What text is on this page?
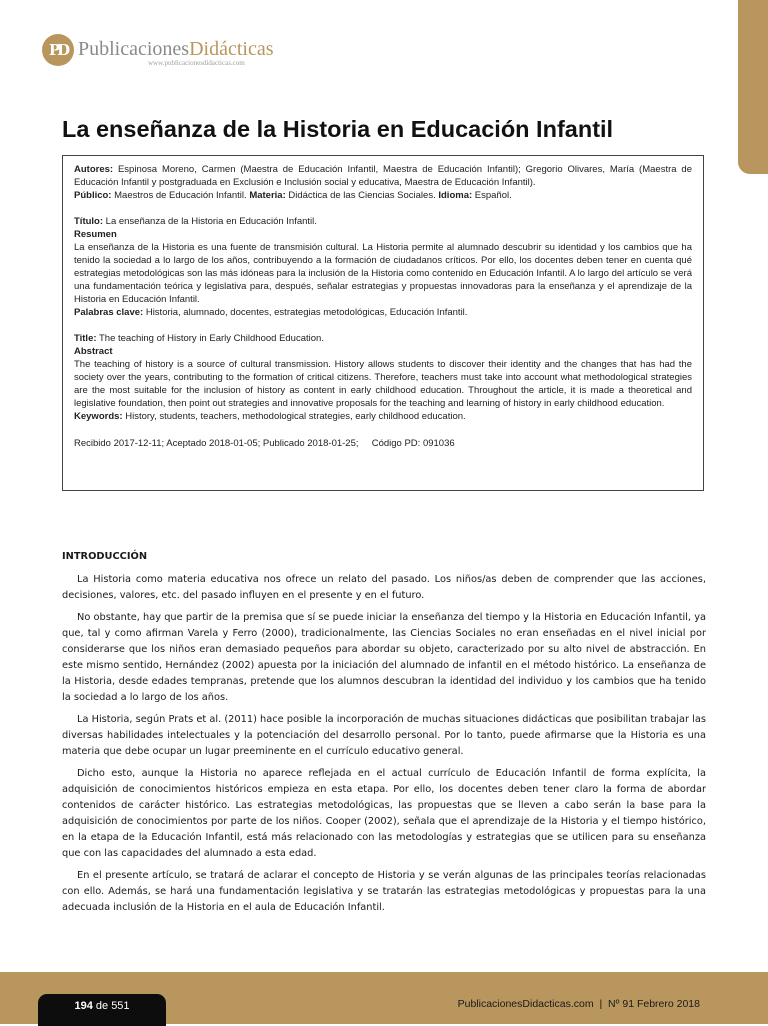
PD PublicacionesDidácticas
www.publicacionesdidacticas.com
La enseñanza de la Historia en Educación Infantil

Autores: Espinosa Moreno, Carmen (Maestra de Educación Infantil, Maestra de Educación Infantil); Gregorio Olivares, María (Maestra de Educación Infantil y postgraduada en Exclusión e Inclusión social y educativa, Maestra de Educación Infantil).

Público: Maestros de Educación Infantil. Materia: Didáctica de las Ciencias Sociales. Idioma: Español.

Título: La enseñanza de la Historia en Educación Infantil.

Resumen

La enseñanza de la Historia es una fuente de transmisión cultural. La Historia permite al alumnado descubrir su identidad y los cambios que ha tenido la sociedad a lo largo de los años, contribuyendo a la formación de ciudadanos críticos. Por ello, los docentes deben tener en cuenta qué estrategias metodológicas son las más idóneas para la inclusión de la Historia como contenido en Educación Infantil. A lo largo del artículo se verá una fundamentación teórica y legislativa para, después, señalar estrategias y propuestas innovadoras para la enseñanza y el aprendizaje de la Historia en Educación Infantil.

Palabras clave: Historia, alumnado, docentes, estrategias metodológicas, Educación Infantil.

Title: The teaching of History in Early Childhood Education.

Abstract

The teaching of history is a source of cultural transmission. History allows students to discover their identity and the changes that has had the society over the years, contributing to the formation of critical citizens. Therefore, teachers must take into account what methodological strategies are the most suitable for the inclusion of history as content in early childhood education. Throughout the article, it is made a theoretical and legislative foundation, then point out strategies and innovative proposals for the teaching and learning of history in early childhood education.

Keywords: History, students, teachers, methodological strategies, early childhood education.

Recibido 2017-12-11; Aceptado 2018-01-05; Publicado 2018-01-25; Código PD: 091036

INTRODUCCIÓN

La Historia como materia educativa nos ofrece un relato del pasado. Los niños/as deben de comprender que las acciones, decisiones, valores, etc. del pasado influyen en el presente y en el futuro.

No obstante, hay que partir de la premisa que sí se puede iniciar la enseñanza del tiempo y la Historia en Educación Infantil, ya que, tal y como afirman Varela y Ferro (2000), tradicionalmente, las Ciencias Sociales no eran enseñadas en el nivel inicial por considerarse que los niños eran demasiado pequeños para abordar su objeto, caracterizado por su alto nivel de abstracción. En este mismo sentido, Hernández (2002) apuesta por la iniciación del alumnado de infantil en el método histórico. La enseñanza de la Historia, desde edades tempranas, pretende que los alumnos descubran la identidad del individuo y los cambios que ha tenido la sociedad a lo largo de los años.

La Historia, según Prats et al. (2011) hace posible la incorporación de muchas situaciones didácticas que posibilitan trabajar las diversas habilidades intelectuales y la potenciación del desarrollo personal. Por lo tanto, puede afirmarse que la Historia es una materia que debe ocupar un lugar preeminente en el currículo educativo general.

Dicho esto, aunque la Historia no aparece reflejada en el actual currículo de Educación Infantil de forma explícita, la adquisición de conocimientos históricos empieza en esta etapa. Por ello, los docentes deben tener claro la forma de abordar contenidos de carácter histórico. Las estrategias metodológicas, las propuestas que se lleven a cabo serán la base para la adquisición de conocimientos por parte de los niños. Cooper (2002), señala que el aprendizaje de la Historia y el tiempo histórico, en la etapa de la Educación Infantil, está más relacionado con las metodologías y estrategias que se utilicen para su enseñanza que con las capacidades del alumnado a esta edad.

En el presente artículo, se tratará de aclarar el concepto de Historia y se verán algunas de las principales teorías relacionadas con ello. Además, se hará una fundamentación legislativa y se tratarán las estrategias metodológicas y propuestas para la una adecuada inclusión de la Historia en el aula de Educación Infantil.

194 de 551	PublicacionesDidacticas.com | Nº 91 Febrero 2018
